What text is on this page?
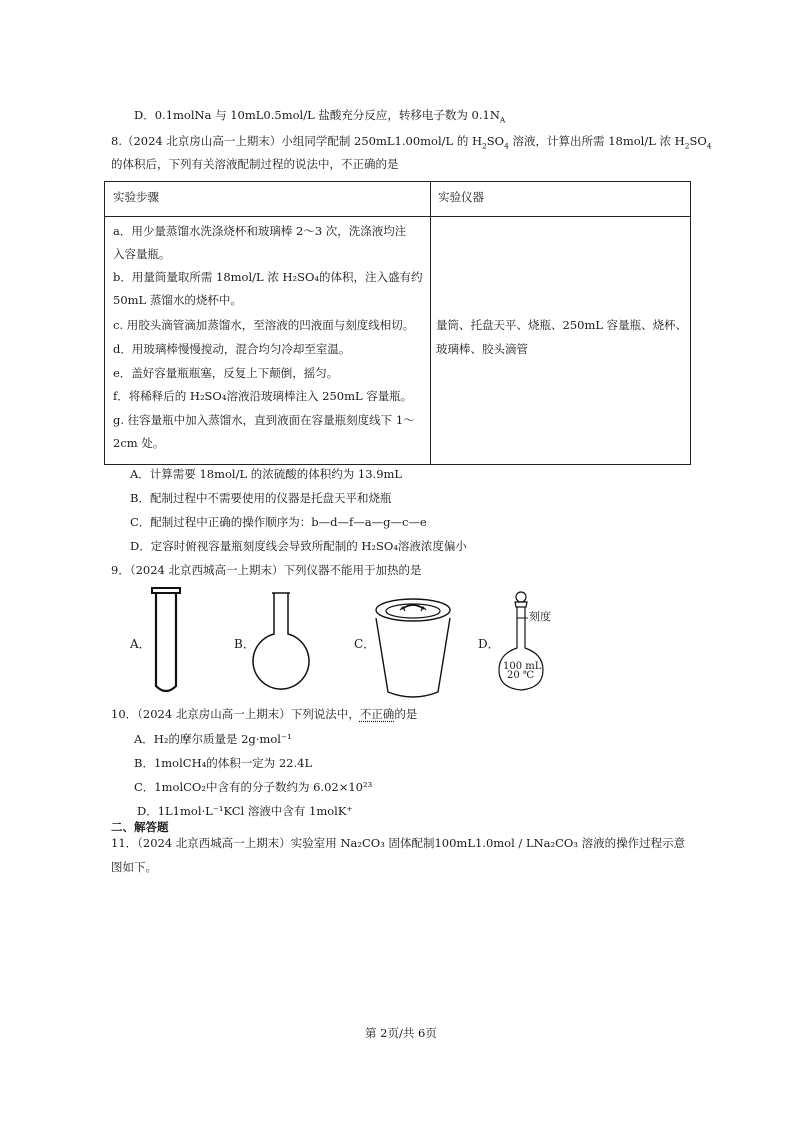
D．0.1molNa 与 10mL0.5mol/L 盐酸充分反应，转移电子数为 $0.1N_A$
8.（2024 北京房山高一上期末）小组同学配制 250mL1.00mol/L 的 $H_2SO_4$ 溶液，计算出所需 18mol/L 浓 $H_2SO_4$
的体积后，下列有关溶液配制过程的说法中，不正确的是
实验步骤	实验仪器
a．用少量蒸馏水洗涤烧杯和玻璃棒 2～3 次，洗涤液均注
入容量瓶。
b．用量筒量取所需 18mol/L 浓 H₂SO₄的体积，注入盛有约
50mL 蒸馏水的烧杯中。
c. 用胶头滴管滴加蒸馏水，至溶液的凹液面与刻度线相切。
d．用玻璃棒慢慢搅动，混合均匀冷却至室温。
e．盖好容量瓶瓶塞，反复上下颠倒，摇匀。
f．将稀释后的 H₂SO₄溶液沿玻璃棒注入 250mL 容量瓶。
g. 往容量瓶中加入蒸馏水，直到液面在容量瓶刻度线下 1～
2cm 处。
量筒、托盘天平、烧瓶、250mL 容量瓶、烧杯、
玻璃棒、胶头滴管
A．计算需要 18mol/L 的浓硫酸的体积约为 13.9mL
B．配制过程中不需要使用的仪器是托盘天平和烧瓶
C．配制过程中正确的操作顺序为：b—d—f—a—g—c—e
D．定容时俯视容量瓶刻度线会导致所配制的 H₂SO₄溶液浓度偏小
9．（2024 北京西城高一上期末）下列仪器不能用于加热的是
A．	B．	C．	D．
刻度
100 mL
20 ℃
10．（2024 北京房山高一上期末）下列说法中，不正确的是
A．H₂的摩尔质量是 2g·mol⁻¹
B．1molCH₄的体积一定为 22.4L
C．1molCO₂中含有的分子数约为 6.02×10²³
D．1L1mol·L⁻¹KCl 溶液中含有 1molK⁺
二、解答题
11．（2024 北京西城高一上期末）实验室用 Na₂CO₃ 固体配制100mL1.0mol / LNa₂CO₃ 溶液的操作过程示意
图如下。
第 2页/共 6页
